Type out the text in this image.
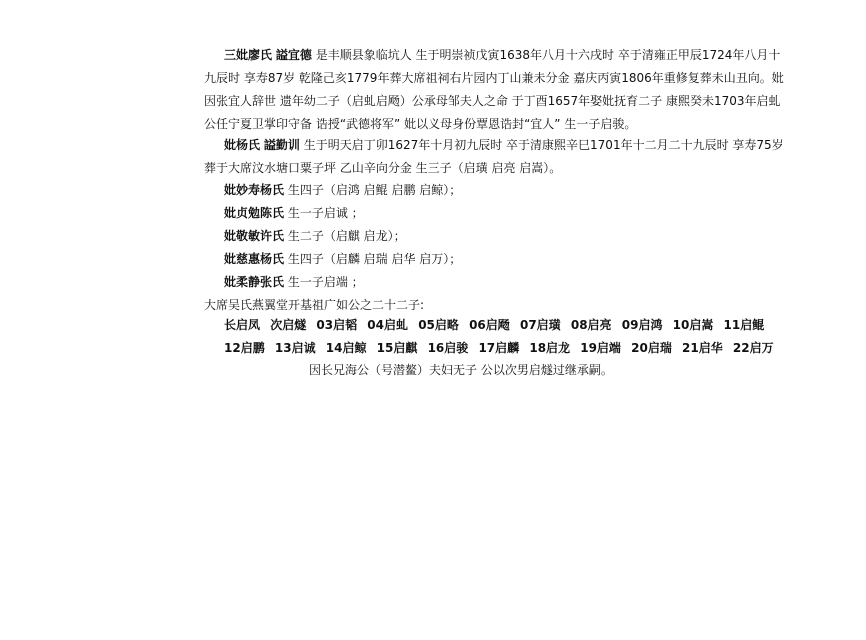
三妣廖氏 謚宜德 是丰顺县象临坑人 生于明崇祯戊寅1638年八月十六戌时 卒于清雍正甲辰1724年八月十

九辰时 享寿87岁 乾隆己亥1779年葬大席祖祠右片园内丁山兼未分金 嘉庆丙寅1806年重修复葬未山丑向。妣

因张宜人辞世 遗年幼二子（启虬启飏）公承母邹夫人之命 于丁酉1657年娶妣抚育二子 康熙癸未1703年启虬

公任宁夏卫掌印守备 诰授“武德将军” 妣以义母身份覃恩诰封“宜人” 生一子启骏。

妣杨氏 謚勤训 生于明天启丁卯1627年十月初九辰时 卒于清康熙辛巳1701年十二月二十九辰时 享寿75岁

葬于大席汶水塘口粟子坪 乙山辛向分金 生三子（启璜 启亮 启嵩）。

妣妙寿杨氏 生四子（启鸿 启鲲 启鹏 启鲸）；

妣贞勉陈氏 生一子启诚 ；

妣敬敏许氏 生二子（启麒 启龙）；

妣慈惠杨氏 生四子（启麟 启瑞 启华 启万）；

妣柔静张氏 生一子启端 ；

大席吴氏燕翼堂开基祖广如公之二十二子:

长启凤 次启燧 03启韬 04启虬 05启略 06启飏 07启璜 08启亮 09启鸿 10启嵩 11启鲲
12启鹏 13启诚 14启鲸 15启麒 16启骏 17启麟 18启龙 19启端 20启瑞 21启华 22启万
因长兄海公（号潜鳌）夫妇无子 公以次男启燧过继承嗣。
